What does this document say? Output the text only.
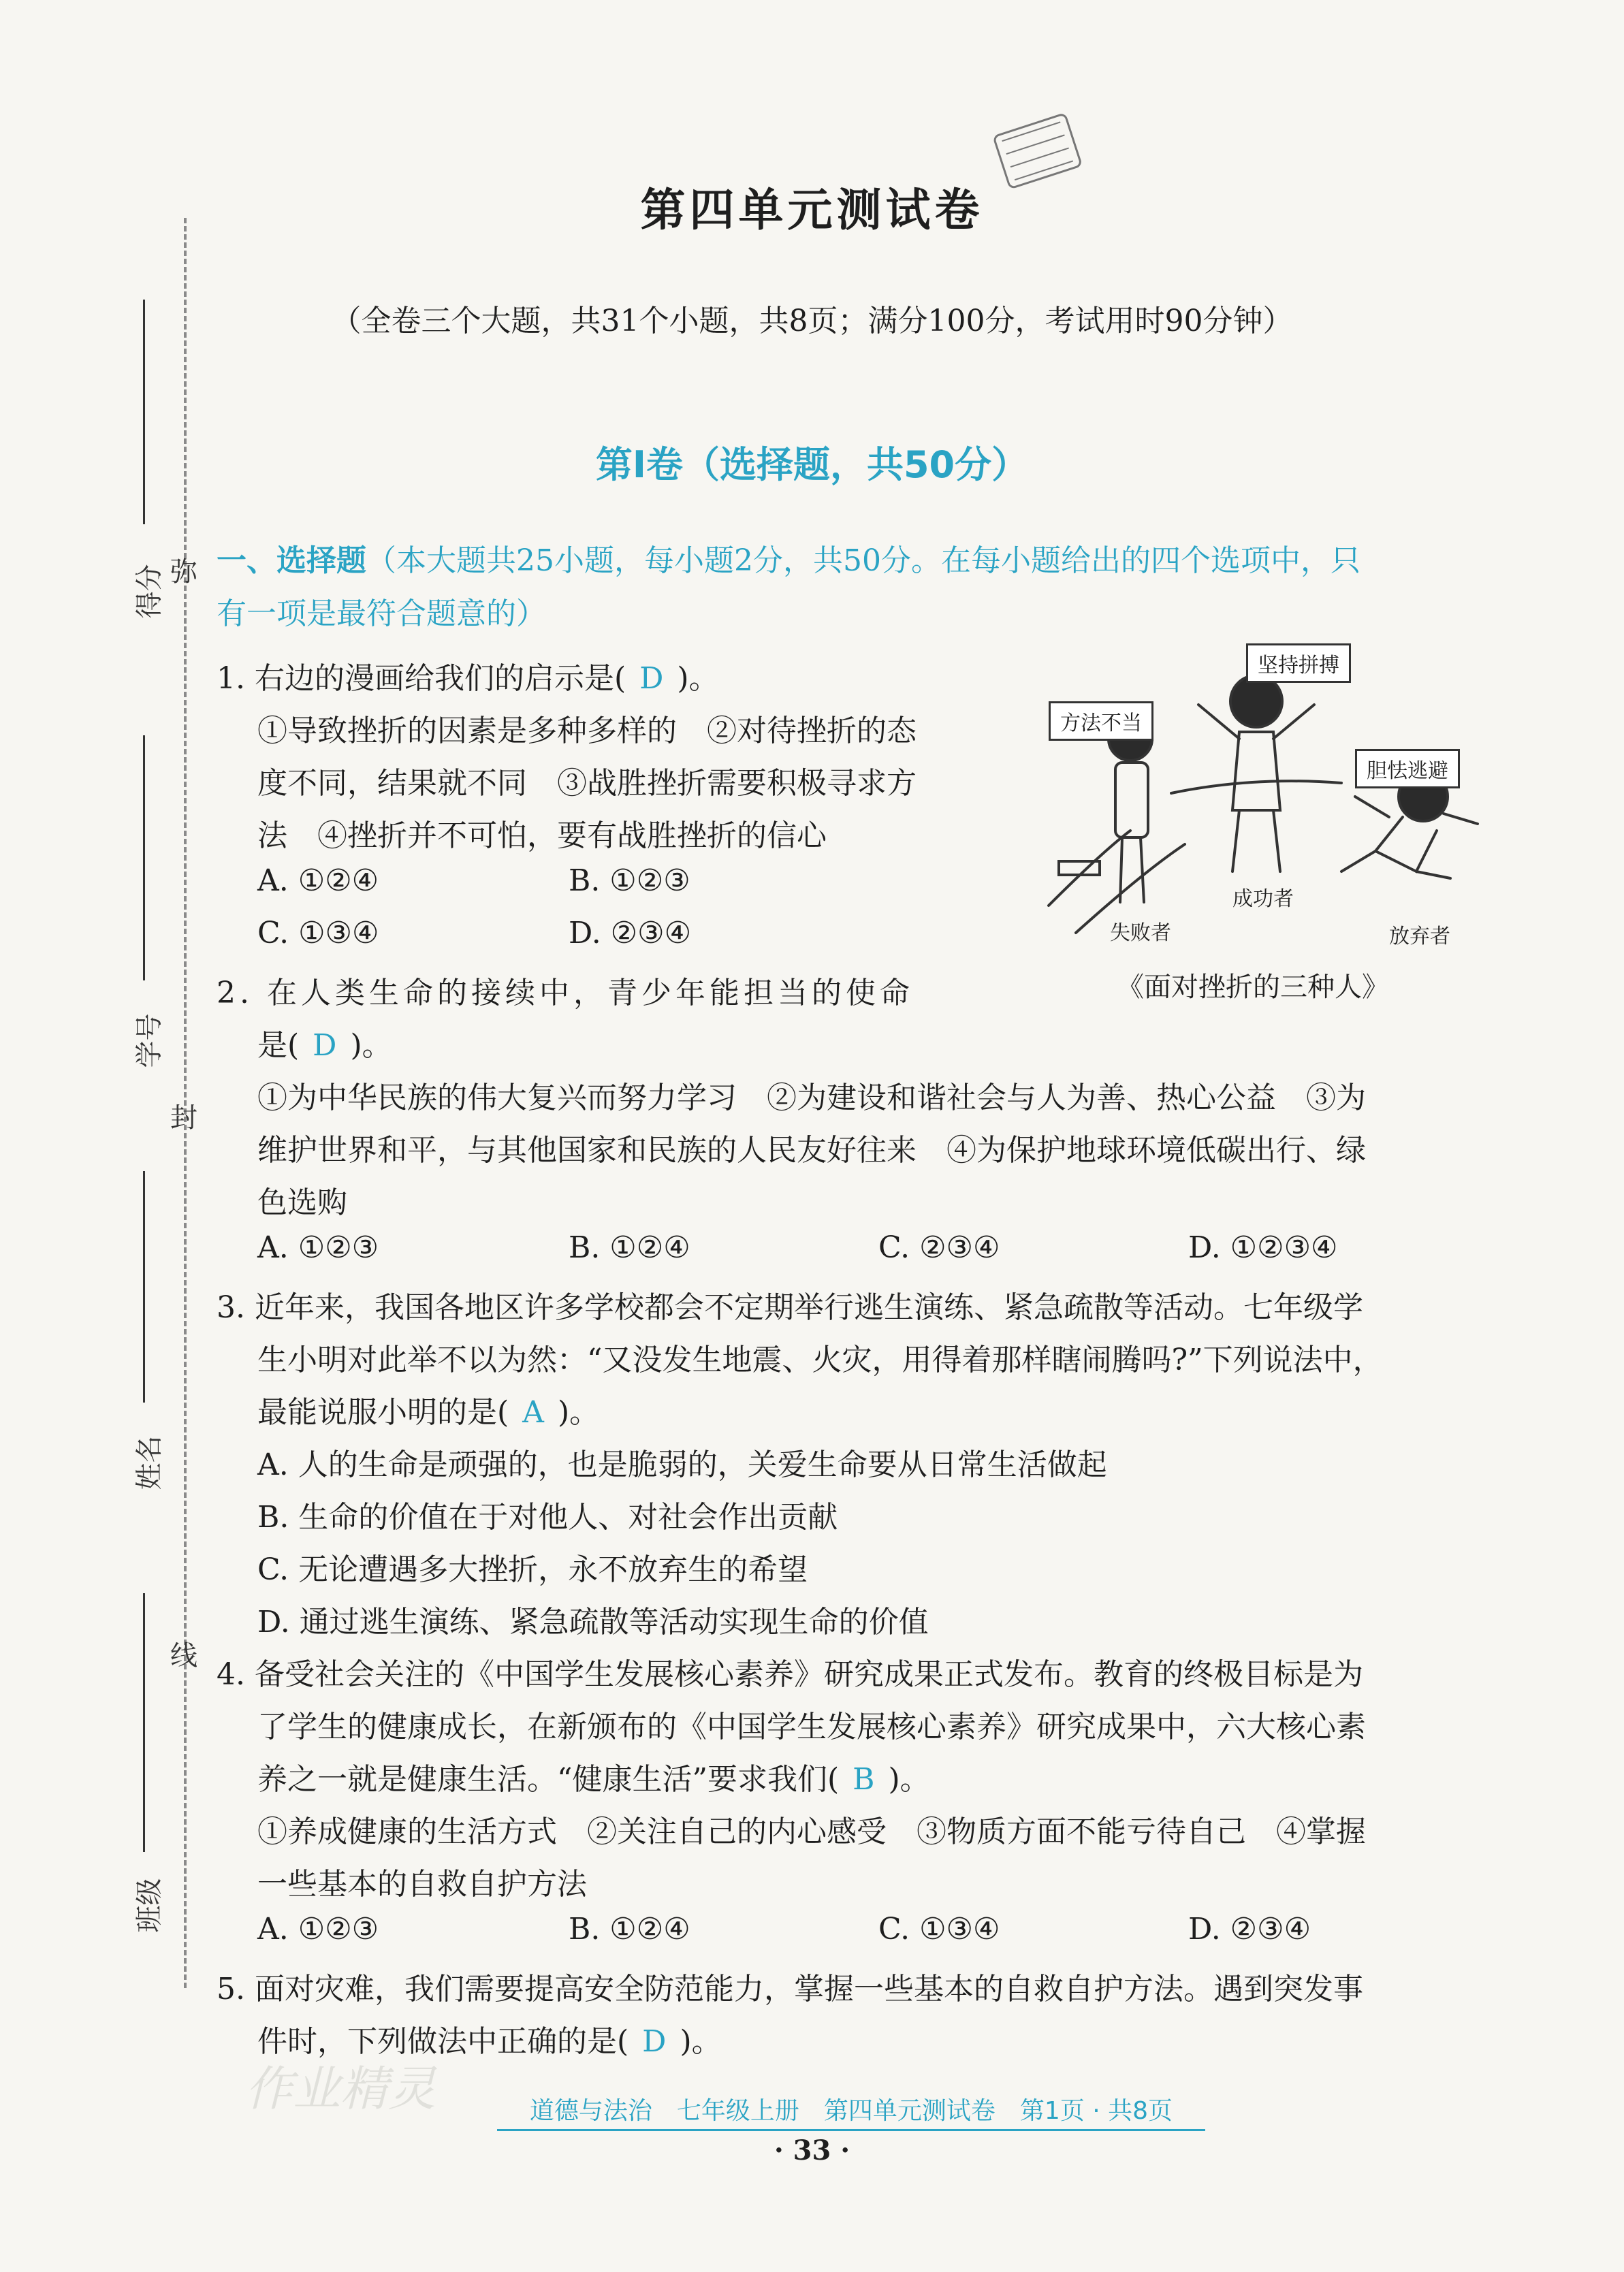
第四单元测试卷
（全卷三个大题，共31个小题，共8页；满分100分，考试用时90分钟）
第Ⅰ卷（选择题，共50分）
弥
封
线
得分
学号
姓名
班级
一、选择题（本大题共25小题，每小题2分，共50分。在每小题给出的四个选项中，只
有一项是最符合题意的）
1. 右边的漫画给我们的启示是( D )。
①导致挫折的因素是多种多样的　②对待挫折的态
度不同，结果就不同　③战胜挫折需要积极寻求方
法　④挫折并不可怕，要有战胜挫折的信心
A. ①②④	B. ①②③
C. ①③④	D. ②③④
坚持拼搏
方法不当
胆怯逃避
成功者
失败者	放弃者
《面对挫折的三种人》
2. 在人类生命的接续中，青少年能担当的使命
是( D )。
①为中华民族的伟大复兴而努力学习　②为建设和谐社会与人为善、热心公益　③为
维护世界和平，与其他国家和民族的人民友好往来　④为保护地球环境低碳出行、绿
色选购
A. ①②③	B. ①②④	C. ②③④	D. ①②③④
3. 近年来，我国各地区许多学校都会不定期举行逃生演练、紧急疏散等活动。七年级学
生小明对此举不以为然：“又没发生地震、火灾，用得着那样瞎闹腾吗?”下列说法中，
最能说服小明的是( A )。
A. 人的生命是顽强的，也是脆弱的，关爱生命要从日常生活做起
B. 生命的价值在于对他人、对社会作出贡献
C. 无论遭遇多大挫折，永不放弃生的希望
D. 通过逃生演练、紧急疏散等活动实现生命的价值
4. 备受社会关注的《中国学生发展核心素养》研究成果正式发布。教育的终极目标是为
了学生的健康成长，在新颁布的《中国学生发展核心素养》研究成果中，六大核心素
养之一就是健康生活。“健康生活”要求我们( B )。
①养成健康的生活方式　②关注自己的内心感受　③物质方面不能亏待自己　④掌握
一些基本的自救自护方法
A. ①②③	B. ①②④	C. ①③④	D. ②③④
5. 面对灾难，我们需要提高安全防范能力，掌握一些基本的自救自护方法。遇到突发事
件时，下列做法中正确的是( D )。
作业精灵	道德与法治　七年级上册　第四单元测试卷　第1页 · 共8页
· 33 ·
